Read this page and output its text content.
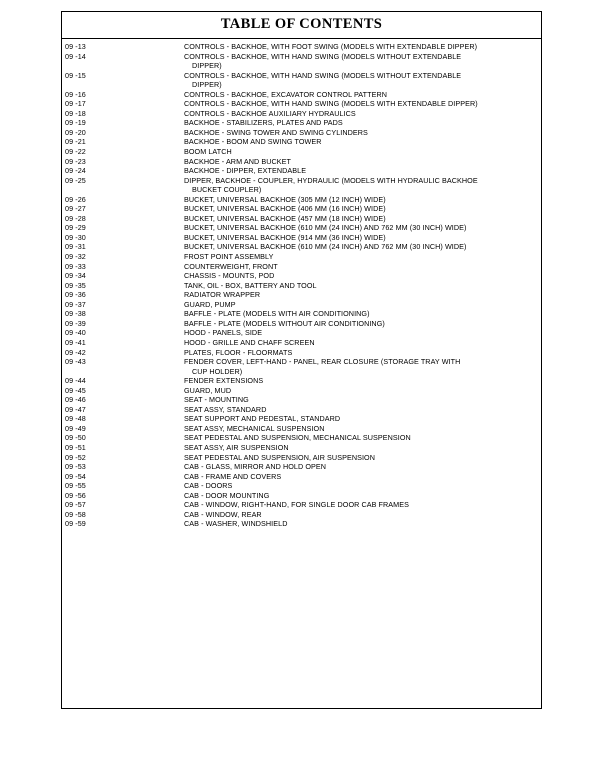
TABLE OF CONTENTS
09 -13	CONTROLS - BACKHOE, WITH FOOT SWING (MODELS WITH EXTENDABLE DIPPER)
09 -14	CONTROLS - BACKHOE, WITH HAND SWING (MODELS WITHOUT EXTENDABLE
DIPPER)
09 -15	CONTROLS - BACKHOE, WITH HAND SWING (MODELS WITHOUT EXTENDABLE
DIPPER)
09 -16	CONTROLS - BACKHOE, EXCAVATOR CONTROL PATTERN
09 -17	CONTROLS - BACKHOE, WITH HAND SWING (MODELS WITH EXTENDABLE DIPPER)
09 -18	CONTROLS - BACKHOE AUXILIARY HYDRAULICS
09 -19	BACKHOE - STABILIZERS, PLATES AND PADS
09 -20	BACKHOE - SWING TOWER AND SWING CYLINDERS
09 -21	BACKHOE - BOOM AND SWING TOWER
09 -22	BOOM LATCH
09 -23	BACKHOE - ARM AND BUCKET
09 -24	BACKHOE - DIPPER, EXTENDABLE
09 -25	DIPPER, BACKHOE - COUPLER, HYDRAULIC (MODELS WITH HYDRAULIC BACKHOE
BUCKET COUPLER)
09 -26	BUCKET, UNIVERSAL BACKHOE (305 MM (12 INCH) WIDE)
09 -27	BUCKET, UNIVERSAL BACKHOE (406 MM (16 INCH) WIDE)
09 -28	BUCKET, UNIVERSAL BACKHOE (457 MM (18 INCH) WIDE)
09 -29	BUCKET, UNIVERSAL BACKHOE (610 MM (24 INCH) AND 762 MM (30 INCH) WIDE)
09 -30	BUCKET, UNIVERSAL BACKHOE (914 MM (36 INCH) WIDE)
09 -31	BUCKET, UNIVERSAL BACKHOE (610 MM (24 INCH) AND 762 MM (30 INCH) WIDE)
09 -32	FROST POINT ASSEMBLY
09 -33	COUNTERWEIGHT, FRONT
09 -34	CHASSIS - MOUNTS, POD
09 -35	TANK, OIL - BOX, BATTERY AND TOOL
09 -36	RADIATOR WRAPPER
09 -37	GUARD, PUMP
09 -38	BAFFLE - PLATE (MODELS WITH AIR CONDITIONING)
09 -39	BAFFLE - PLATE (MODELS WITHOUT AIR CONDITIONING)
09 -40	HOOD - PANELS, SIDE
09 -41	HOOD - GRILLE AND CHAFF SCREEN
09 -42	PLATES, FLOOR - FLOORMATS
09 -43	FENDER COVER, LEFT-HAND - PANEL, REAR CLOSURE (STORAGE TRAY WITH
CUP HOLDER)
09 -44	FENDER EXTENSIONS
09 -45	GUARD, MUD
09 -46	SEAT - MOUNTING
09 -47	SEAT ASSY, STANDARD
09 -48	SEAT SUPPORT AND PEDESTAL, STANDARD
09 -49	SEAT ASSY, MECHANICAL SUSPENSION
09 -50	SEAT PEDESTAL AND SUSPENSION, MECHANICAL SUSPENSION
09 -51	SEAT ASSY, AIR SUSPENSION
09 -52	SEAT PEDESTAL AND SUSPENSION, AIR SUSPENSION
09 -53	CAB - GLASS, MIRROR AND HOLD OPEN
09 -54	CAB - FRAME AND COVERS
09 -55	CAB - DOORS
09 -56	CAB - DOOR MOUNTING
09 -57	CAB - WINDOW, RIGHT-HAND, FOR SINGLE DOOR CAB FRAMES
09 -58	CAB - WINDOW, REAR
09 -59	CAB - WASHER, WINDSHIELD
